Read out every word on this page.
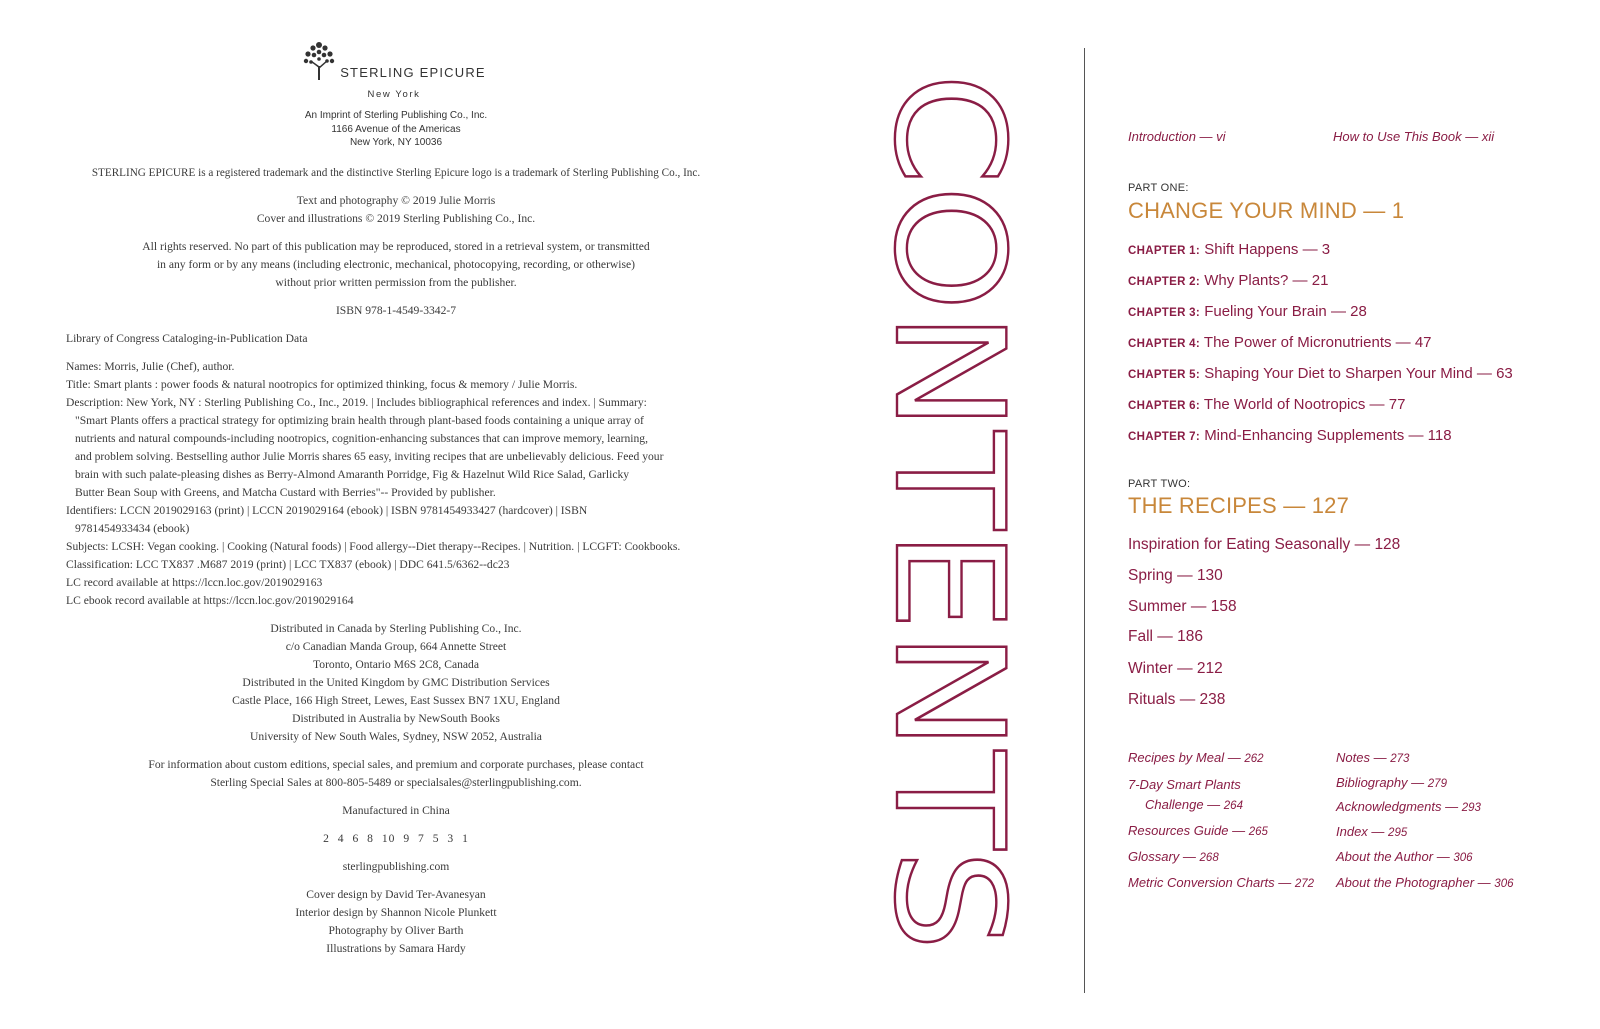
STERLING EPICURE
New York
An Imprint of Sterling Publishing Co., Inc.
1166 Avenue of the Americas
New York, NY 10036
STERLING EPICURE is a registered trademark and the distinctive Sterling Epicure logo is a trademark of Sterling Publishing Co., Inc.
Text and photography © 2019 Julie Morris
Cover and illustrations © 2019 Sterling Publishing Co., Inc.
All rights reserved. No part of this publication may be reproduced, stored in a retrieval system, or transmitted
in any form or by any means (including electronic, mechanical, photocopying, recording, or otherwise)
without prior written permission from the publisher.
ISBN 978-1-4549-3342-7
Library of Congress Cataloging-in-Publication Data
Names: Morris, Julie (Chef), author.
Title: Smart plants : power foods & natural nootropics for optimized thinking, focus & memory / Julie Morris.
Description: New York, NY : Sterling Publishing Co., Inc., 2019. | Includes bibliographical references and index. | Summary:
"Smart Plants offers a practical strategy for optimizing brain health through plant-based foods containing a unique array of
nutrients and natural compounds-including nootropics, cognition-enhancing substances that can improve memory, learning,
and problem solving. Bestselling author Julie Morris shares 65 easy, inviting recipes that are unbelievably delicious. Feed your
brain with such palate-pleasing dishes as Berry-Almond Amaranth Porridge, Fig & Hazelnut Wild Rice Salad, Garlicky
Butter Bean Soup with Greens, and Matcha Custard with Berries"-- Provided by publisher.
Identifiers: LCCN 2019029163 (print) | LCCN 2019029164 (ebook) | ISBN 9781454933427 (hardcover) | ISBN
9781454933434 (ebook)
Subjects: LCSH: Vegan cooking. | Cooking (Natural foods) | Food allergy--Diet therapy--Recipes. | Nutrition. | LCGFT: Cookbooks.
Classification: LCC TX837 .M687 2019 (print) | LCC TX837 (ebook) | DDC 641.5/6362--dc23
LC record available at https://lccn.loc.gov/2019029163
LC ebook record available at https://lccn.loc.gov/2019029164
Distributed in Canada by Sterling Publishing Co., Inc.
c/o Canadian Manda Group, 664 Annette Street
Toronto, Ontario M6S 2C8, Canada
Distributed in the United Kingdom by GMC Distribution Services
Castle Place, 166 High Street, Lewes, East Sussex BN7 1XU, England
Distributed in Australia by NewSouth Books
University of New South Wales, Sydney, NSW 2052, Australia
For information about custom editions, special sales, and premium and corporate purchases, please contact
Sterling Special Sales at 800-805-5489 or specialsales@sterlingpublishing.com.
Manufactured in China
2 4 6 8 10 9 7 5 3 1
sterlingpublishing.com
Cover design by David Ter-Avanesyan
Interior design by Shannon Nicole Plunkett
Photography by Oliver Barth
Illustrations by Samara Hardy
CONTENTS	Introduction — vi	How to Use This Book — xii
PART ONE:
CHANGE YOUR MIND — 1
CHAPTER 1: Shift Happens — 3
CHAPTER 2: Why Plants? — 21
CHAPTER 3: Fueling Your Brain — 28
CHAPTER 4: The Power of Micronutrients — 47
CHAPTER 5: Shaping Your Diet to Sharpen Your Mind — 63
CHAPTER 6: The World of Nootropics — 77
CHAPTER 7: Mind-Enhancing Supplements — 118
PART TWO:
THE RECIPES — 127
Inspiration for Eating Seasonally — 128
Spring — 130
Summer — 158
Fall — 186
Winter — 212
Rituals — 238
Recipes by Meal — 262
7-Day Smart Plants
Challenge — 264
Resources Guide — 265
Glossary — 268
Metric Conversion Charts — 272
Notes — 273
Bibliography — 279
Acknowledgments — 293
Index — 295
About the Author — 306
About the Photographer — 306
